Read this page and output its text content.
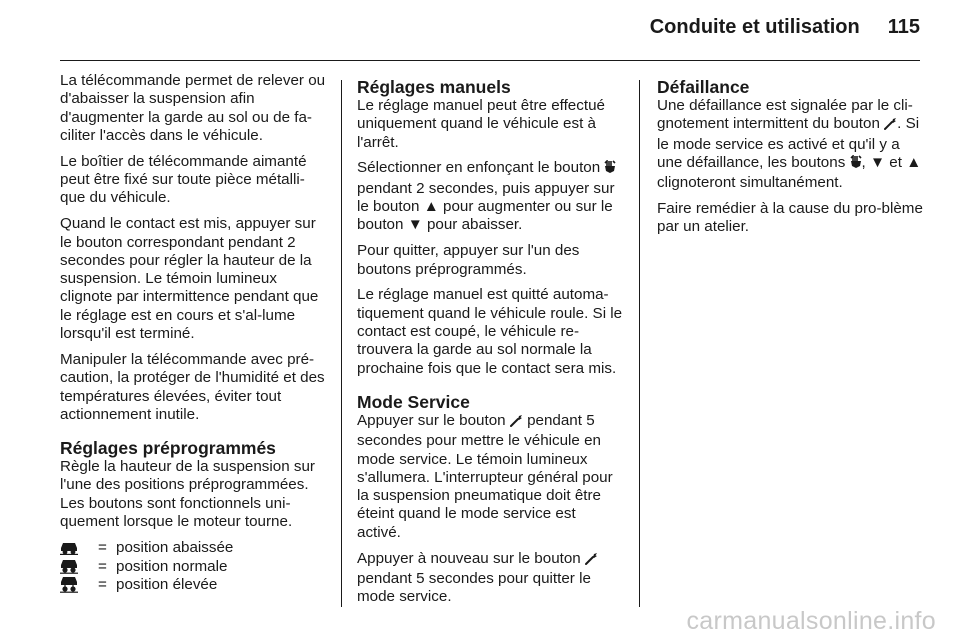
Conduite et utilisation 115

La télécommande permet de relever ou d'abaisser la suspension afin d'augmenter la garde au sol ou de fa-ciliter l'accès dans le véhicule.

Le boîtier de télécommande aimanté peut être fixé sur toute pièce métalli-que du véhicule.

Quand le contact est mis, appuyer sur le bouton correspondant pendant 2 secondes pour régler la hauteur de la suspension. Le témoin lumineux clignote par intermittence pendant que le réglage est en cours et s'al-lume lorsqu'il est terminé.

Manipuler la télécommande avec pré-caution, la protéger de l'humidité et des températures élevées, éviter tout actionnement inutile.

Réglages préprogrammés

Règle la hauteur de la suspension sur l'une des positions préprogrammées. Les boutons sont fonctionnels uni-quement lorsque le moteur tourne.

= position abaissée
= position normale
= position élevée
Réglages manuels

Le réglage manuel peut être effectué uniquement quand le véhicule est à l'arrêt.

Sélectionner en enfonçant le bouton  pendant 2 secondes, puis appuyer sur le bouton ▲ pour augmenter ou sur le bouton ▼ pour abaisser.

Pour quitter, appuyer sur l'un des boutons préprogrammés.

Le réglage manuel est quitté automa-tiquement quand le véhicule roule. Si le contact est coupé, le véhicule re-trouvera la garde au sol normale la prochaine fois que le contact sera mis.

Mode Service

Appuyer sur le bouton pendant 5 secondes pour mettre le véhicule en mode service. Le témoin lumineux s'allumera. L'interrupteur général pour la suspension pneumatique doit être éteint quand le mode service est activé.

Appuyer à nouveau sur le bouton  pendant 5 secondes pour quitter le mode service.

Défaillance

Une défaillance est signalée par le cli-gnotement intermittent du bouton . Si le mode service es activé et qu'il y a une défaillance, les boutons , ▼ et ▲ clignoteront simultanément.

Faire remédier à la cause du pro-blème par un atelier.

carmanualsonline.info
